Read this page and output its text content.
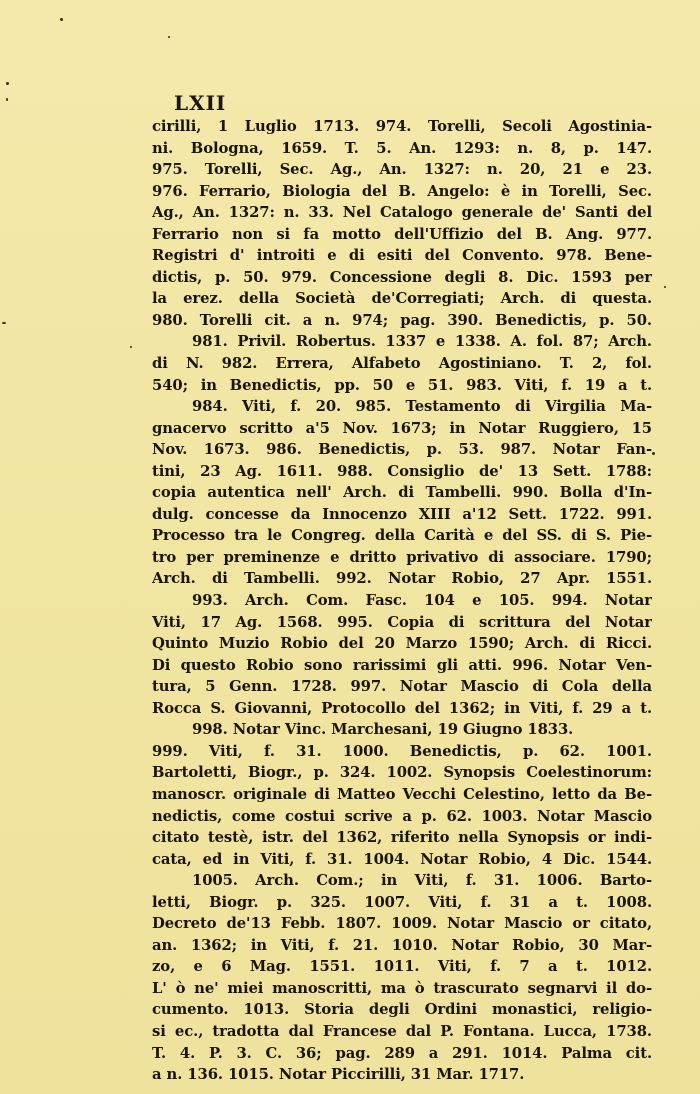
LXII
cirilli, 1 Luglio 1713. 974. Torelli, Secoli Agostinia-
ni. Bologna, 1659. T. 5. An. 1293: n. 8, p. 147.
975. Torelli, Sec. Ag., An. 1327: n. 20, 21 e 23.
976. Ferrario, Biologia del B. Angelo: è in Torelli, Sec.
Ag., An. 1327: n. 33. Nel Catalogo generale de' Santi del
Ferrario non si fa motto dell'Uffizio del B. Ang. 977.
Registri d' introiti e di esiti del Convento. 978. Bene-
dictis, p. 50. 979. Concessione degli 8. Dic. 1593 per
la erez. della Società de'Corregiati; Arch. di questa.
980. Torelli cit. a n. 974; pag. 390. Benedictis, p. 50.
981. Privil. Robertus. 1337 e 1338. A. fol. 87; Arch.
di N. 982. Errera, Alfabeto Agostiniano. T. 2, fol.
540; in Benedictis, pp. 50 e 51. 983. Viti, f. 19 a t.
984. Viti, f. 20. 985. Testamento di Virgilia Ma-
gnacervo scritto a'5 Nov. 1673; in Notar Ruggiero, 15
Nov. 1673. 986. Benedictis, p. 53. 987. Notar Fan-
tini, 23 Ag. 1611. 988. Consiglio de' 13 Sett. 1788:
copia autentica nell' Arch. di Tambelli. 990. Bolla d'In-
dulg. concesse da Innocenzo XIII a'12 Sett. 1722. 991.
Processo tra le Congreg. della Carità e del SS. di S. Pie-
tro per preminenze e dritto privativo di associare. 1790;
Arch. di Tambelli. 992. Notar Robio, 27 Apr. 1551.
993. Arch. Com. Fasc. 104 e 105. 994. Notar
Viti, 17 Ag. 1568. 995. Copia di scrittura del Notar
Quinto Muzio Robio del 20 Marzo 1590; Arch. di Ricci.
Di questo Robio sono rarissimi gli atti. 996. Notar Ven-
tura, 5 Genn. 1728. 997. Notar Mascio di Cola della
Rocca S. Giovanni, Protocollo del 1362; in Viti, f. 29 a t.
998. Notar Vinc. Marchesani, 19 Giugno 1833.
999. Viti, f. 31. 1000. Benedictis, p. 62. 1001.
Bartoletti, Biogr., p. 324. 1002. Synopsis Coelestinorum:
manoscr. originale di Matteo Vecchi Celestino, letto da Be-
nedictis, come costui scrive a p. 62. 1003. Notar Mascio
citato testè, istr. del 1362, riferito nella Synopsis or indi-
cata, ed in Viti, f. 31. 1004. Notar Robio, 4 Dic. 1544.
1005. Arch. Com.; in Viti, f. 31. 1006. Barto-
letti, Biogr. p. 325. 1007. Viti, f. 31 a t. 1008.
Decreto de'13 Febb. 1807. 1009. Notar Mascio or citato,
an. 1362; in Viti, f. 21. 1010. Notar Robio, 30 Mar-
zo, e 6 Mag. 1551. 1011. Viti, f. 7 a t. 1012.
L' ò ne' miei manoscritti, ma ò trascurato segnarvi il do-
cumento. 1013. Storia degli Ordini monastici, religio-
si ec., tradotta dal Francese dal P. Fontana. Lucca, 1738.
T. 4. P. 3. C. 36; pag. 289 a 291. 1014. Palma cit.
a n. 136. 1015. Notar Piccirilli, 31 Mar. 1717.
